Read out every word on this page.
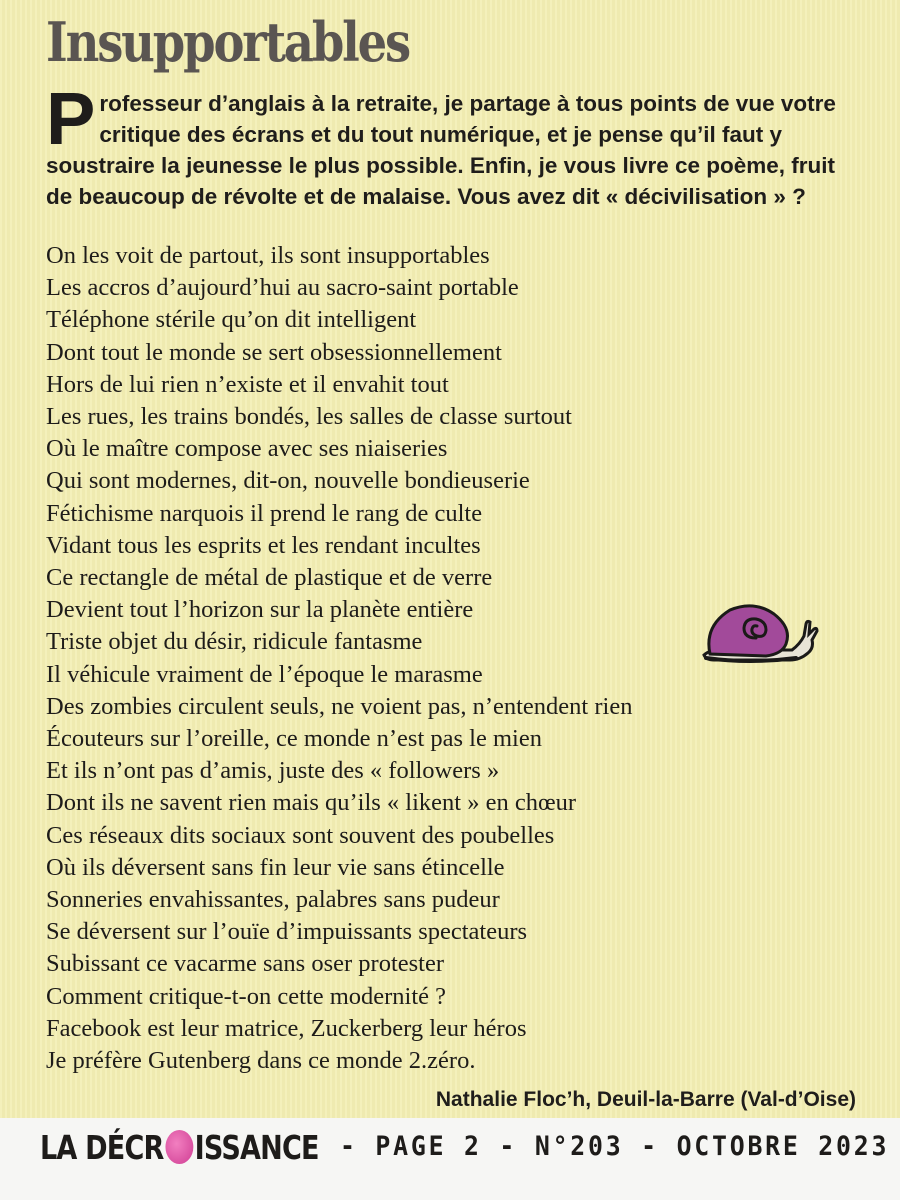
Insupportables
P rofesseur d’anglais à la retraite, je partage à tous points de vue votre critique des écrans et du tout numérique, et je pense qu’il faut y soustraire la jeunesse le plus possible. Enfin, je vous livre ce poème, fruit de beaucoup de révolte et de malaise. Vous avez dit « décivilisation » ?
On les voit de partout, ils sont insupportables
Les accros d’aujourd’hui au sacro-saint portable
Téléphone stérile qu’on dit intelligent
Dont tout le monde se sert obsessionnellement
Hors de lui rien n’existe et il envahit tout
Les rues, les trains bondés, les salles de classe surtout
Où le maître compose avec ses niaiseries
Qui sont modernes, dit-on, nouvelle bondieuserie
Fétichisme narquois il prend le rang de culte
Vidant tous les esprits et les rendant incultes
Ce rectangle de métal de plastique et de verre
Devient tout l’horizon sur la planète entière
Triste objet du désir, ridicule fantasme
Il véhicule vraiment de l’époque le marasme
Des zombies circulent seuls, ne voient pas, n’entendent rien
Écouteurs sur l’oreille, ce monde n’est pas le mien
Et ils n’ont pas d’amis, juste des « followers »
Dont ils ne savent rien mais qu’ils « likent » en chœur
Ces réseaux dits sociaux sont souvent des poubelles
Où ils déversent sans fin leur vie sans étincelle
Sonneries envahissantes, palabres sans pudeur
Se déversent sur l’ouïe d’impuissants spectateurs
Subissant ce vacarme sans oser protester
Comment critique-t-on cette modernité ?
Facebook est leur matrice, Zuckerberg leur héros
Je préfère Gutenberg dans ce monde 2.zéro.
Nathalie Floc’h, Deuil-la-Barre (Val-d’Oise)
LA DÉCR ISSANCE - PAGE 2 - N°203 - OCTOBRE 2023
